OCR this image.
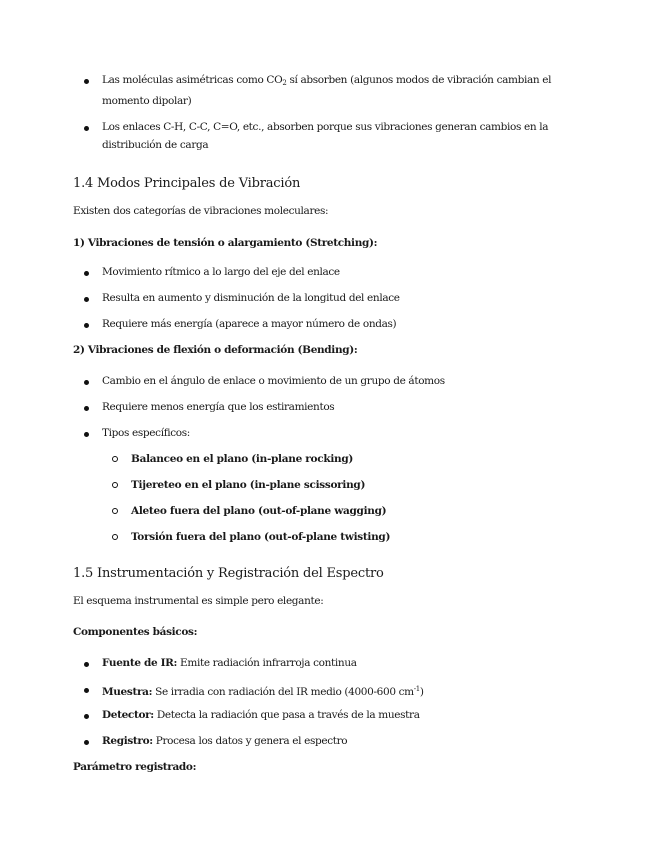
Las moléculas asimétricas como $CO_2$ sí absorben (algunos modos de vibración cambian el momento dipolar)
Los enlaces C-H, C-C, C=O, etc., absorben porque sus vibraciones generan cambios en la distribución de carga
1.4 Modos Principales de Vibración
Existen dos categorías de vibraciones moleculares:
1) Vibraciones de tensión o alargamiento (Stretching):
Movimiento rítmico a lo largo del eje del enlace
Resulta en aumento y disminución de la longitud del enlace
Requiere más energía (aparece a mayor número de ondas)
2) Vibraciones de flexión o deformación (Bending):
Cambio en el ángulo de enlace o movimiento de un grupo de átomos
Requiere menos energía que los estiramientos
Tipos específicos:
Balanceo en el plano (in-plane rocking)
Tijereteo en el plano (in-plane scissoring)
Aleteo fuera del plano (out-of-plane wagging)
Torsión fuera del plano (out-of-plane twisting)
1.5 Instrumentación y Registración del Espectro
El esquema instrumental es simple pero elegante:
Componentes básicos:
Fuente de IR: Emite radiación infrarroja continua
Muestra: Se irradia con radiación del IR medio (4000-600 $cm^{-1}$)
Detector: Detecta la radiación que pasa a través de la muestra
Registro: Procesa los datos y genera el espectro
Parámetro registrado:
